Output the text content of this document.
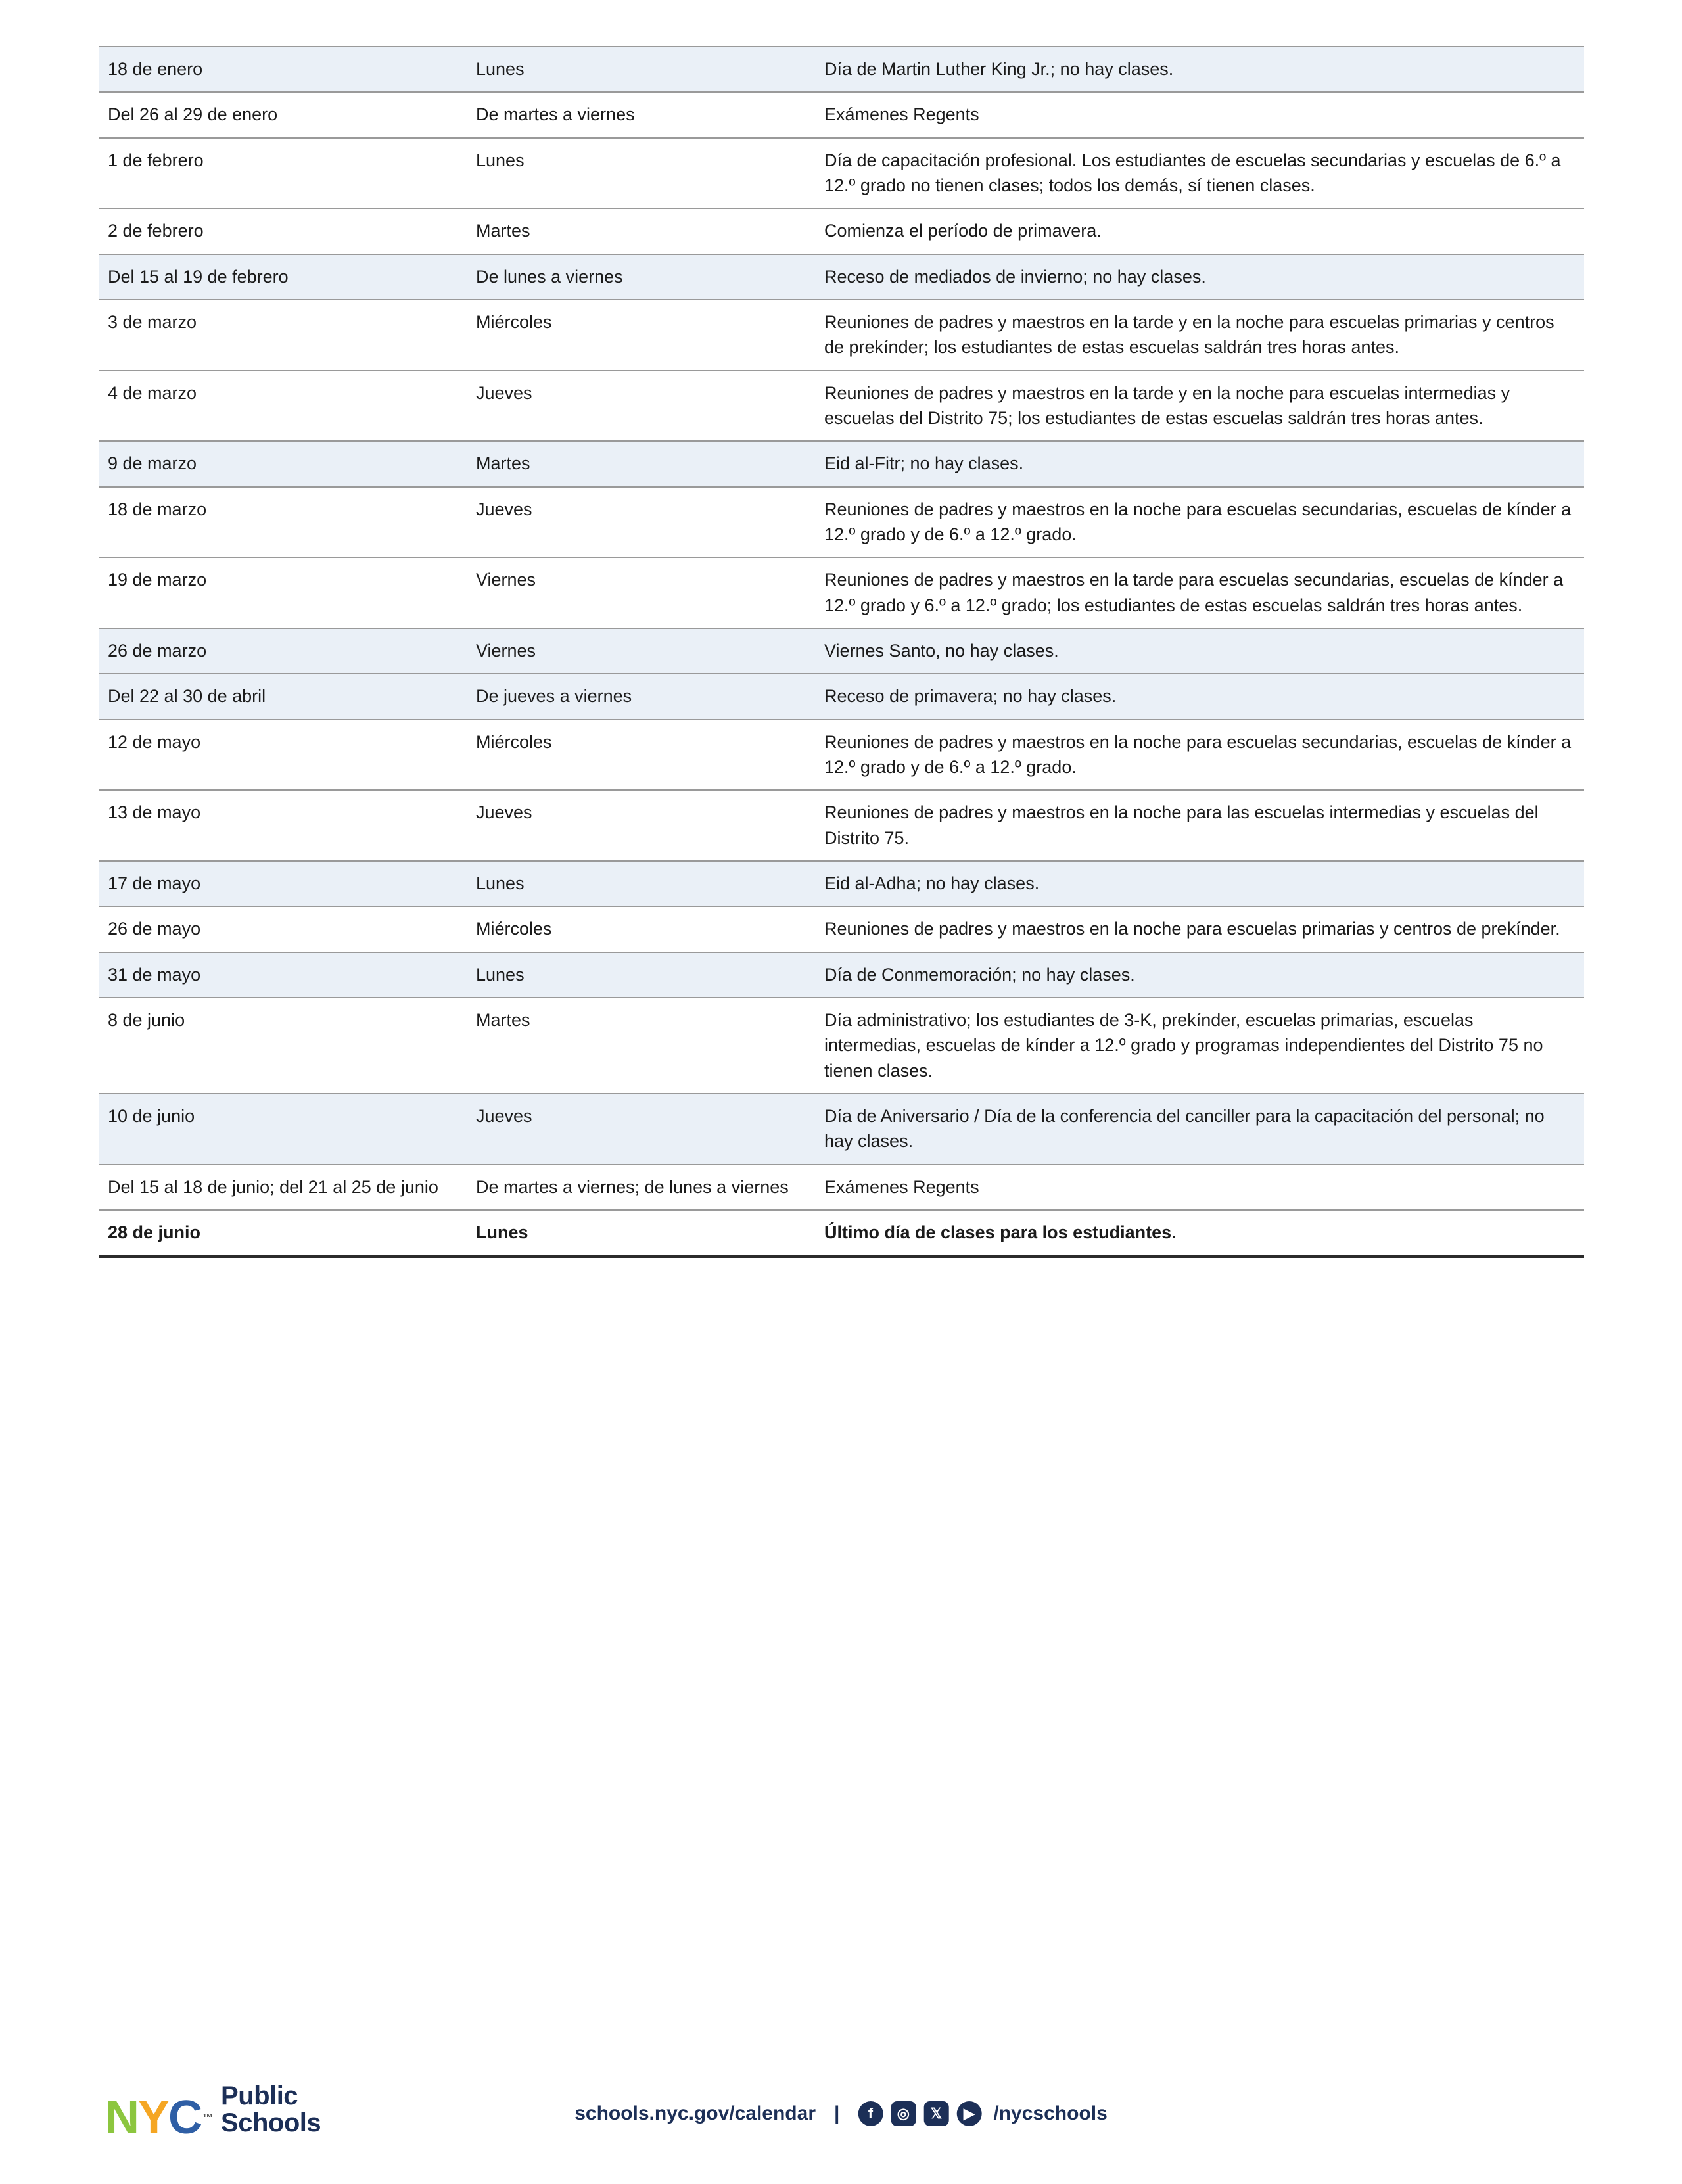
18 de enero	Lunes	Día de Martin Luther King Jr.; no hay clases.
Del 26 al 29 de enero	De martes a viernes	Exámenes Regents
1 de febrero	Lunes	Día de capacitación profesional. Los estudiantes de escuelas secundarias y escuelas de 6.º a 12.º grado no tienen clases; todos los demás, sí tienen clases.
2 de febrero	Martes	Comienza el período de primavera.
Del 15 al 19 de febrero	De lunes a viernes	Receso de mediados de invierno; no hay clases.
3 de marzo	Miércoles	Reuniones de padres y maestros en la tarde y en la noche para escuelas primarias y centros de prekínder; los estudiantes de estas escuelas saldrán tres horas antes.
4 de marzo	Jueves	Reuniones de padres y maestros en la tarde y en la noche para escuelas intermedias y escuelas del Distrito 75; los estudiantes de estas escuelas saldrán tres horas antes.
9 de marzo	Martes	Eid al-Fitr; no hay clases.
18 de marzo	Jueves	Reuniones de padres y maestros en la noche para escuelas secundarias, escuelas de kínder a 12.º grado y de 6.º a 12.º grado.
19 de marzo	Viernes	Reuniones de padres y maestros en la tarde para escuelas secundarias, escuelas de kínder a 12.º grado y 6.º a 12.º grado; los estudiantes de estas escuelas saldrán tres horas antes.
26 de marzo	Viernes	Viernes Santo, no hay clases.
Del 22 al 30 de abril	De jueves a viernes	Receso de primavera; no hay clases.
12 de mayo	Miércoles	Reuniones de padres y maestros en la noche para escuelas secundarias, escuelas de kínder a 12.º grado y de 6.º a 12.º grado.
13 de mayo	Jueves	Reuniones de padres y maestros en la noche para las escuelas intermedias y escuelas del Distrito 75.
17 de mayo	Lunes	Eid al-Adha; no hay clases.
26 de mayo	Miércoles	Reuniones de padres y maestros en la noche para escuelas primarias y centros de prekínder.
31 de mayo	Lunes	Día de Conmemoración; no hay clases.
8 de junio	Martes	Día administrativo; los estudiantes de 3-K, prekínder, escuelas primarias, escuelas intermedias, escuelas de kínder a 12.º grado y programas independientes del Distrito 75 no tienen clases.
10 de junio	Jueves	Día de Aniversario / Día de la conferencia del canciller para la capacitación del personal; no hay clases.
Del 15 al 18 de junio; del 21 al 25 de junio	De martes a viernes; de lunes a viernes	Exámenes Regents
28 de junio	Lunes	Último día de clases para los estudiantes.
N Y C ™
Public
Schools	schools.nyc.gov/calendar |	f	◎	𝕏	▶ /nycschools
